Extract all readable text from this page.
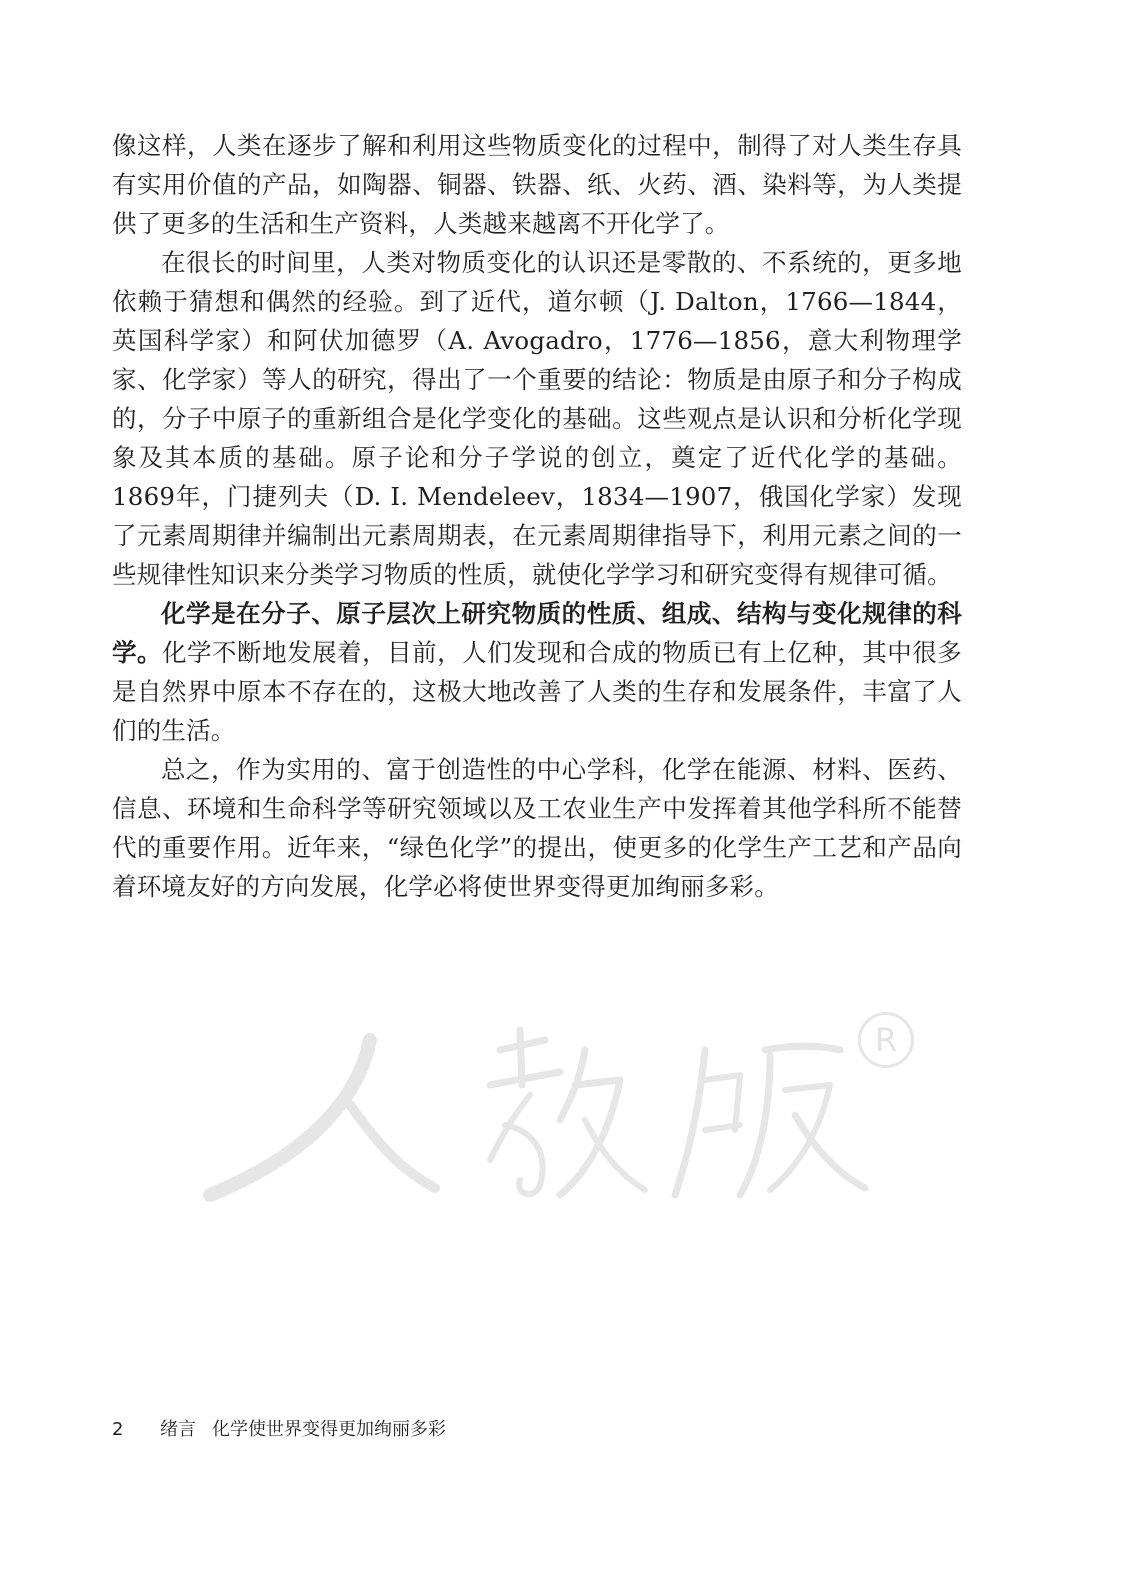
像这样，人类在逐步了解和利用这些物质变化的过程中，制得了对人类生存具有实用价值的产品，如陶器、铜器、铁器、纸、火药、酒、染料等，为人类提供了更多的生活和生产资料，人类越来越离不开化学了。

在很长的时间里，人类对物质变化的认识还是零散的、不系统的，更多地依赖于猜想和偶然的经验。到了近代，道尔顿（J. Dalton，1766—1844，英国科学家）和阿伏加德罗（A. Avogadro，1776—1856，意大利物理学家、化学家）等人的研究，得出了一个重要的结论：物质是由原子和分子构成的，分子中原子的重新组合是化学变化的基础。这些观点是认识和分析化学现象及其本质的基础。原子论和分子学说的创立，奠定了近代化学的基础。1869年，门捷列夫（D. I. Mendeleev，1834—1907，俄国化学家）发现了元素周期律并编制出元素周期表，在元素周期律指导下，利用元素之间的一些规律性知识来分类学习物质的性质，就使化学学习和研究变得有规律可循。

化学是在分子、原子层次上研究物质的性质、组成、结构与变化规律的科学。化学不断地发展着，目前，人们发现和合成的物质已有上亿种，其中很多是自然界中原本不存在的，这极大地改善了人类的生存和发展条件，丰富了人们的生活。

总之，作为实用的、富于创造性的中心学科，化学在能源、材料、医药、信息、环境和生命科学等研究领域以及工农业生产中发挥着其他学科所不能替代的重要作用。近年来，“绿色化学”的提出，使更多的化学生产工艺和产品向着环境友好的方向发展，化学必将使世界变得更加绚丽多彩。

R
2 绪言 化学使世界变得更加绚丽多彩
